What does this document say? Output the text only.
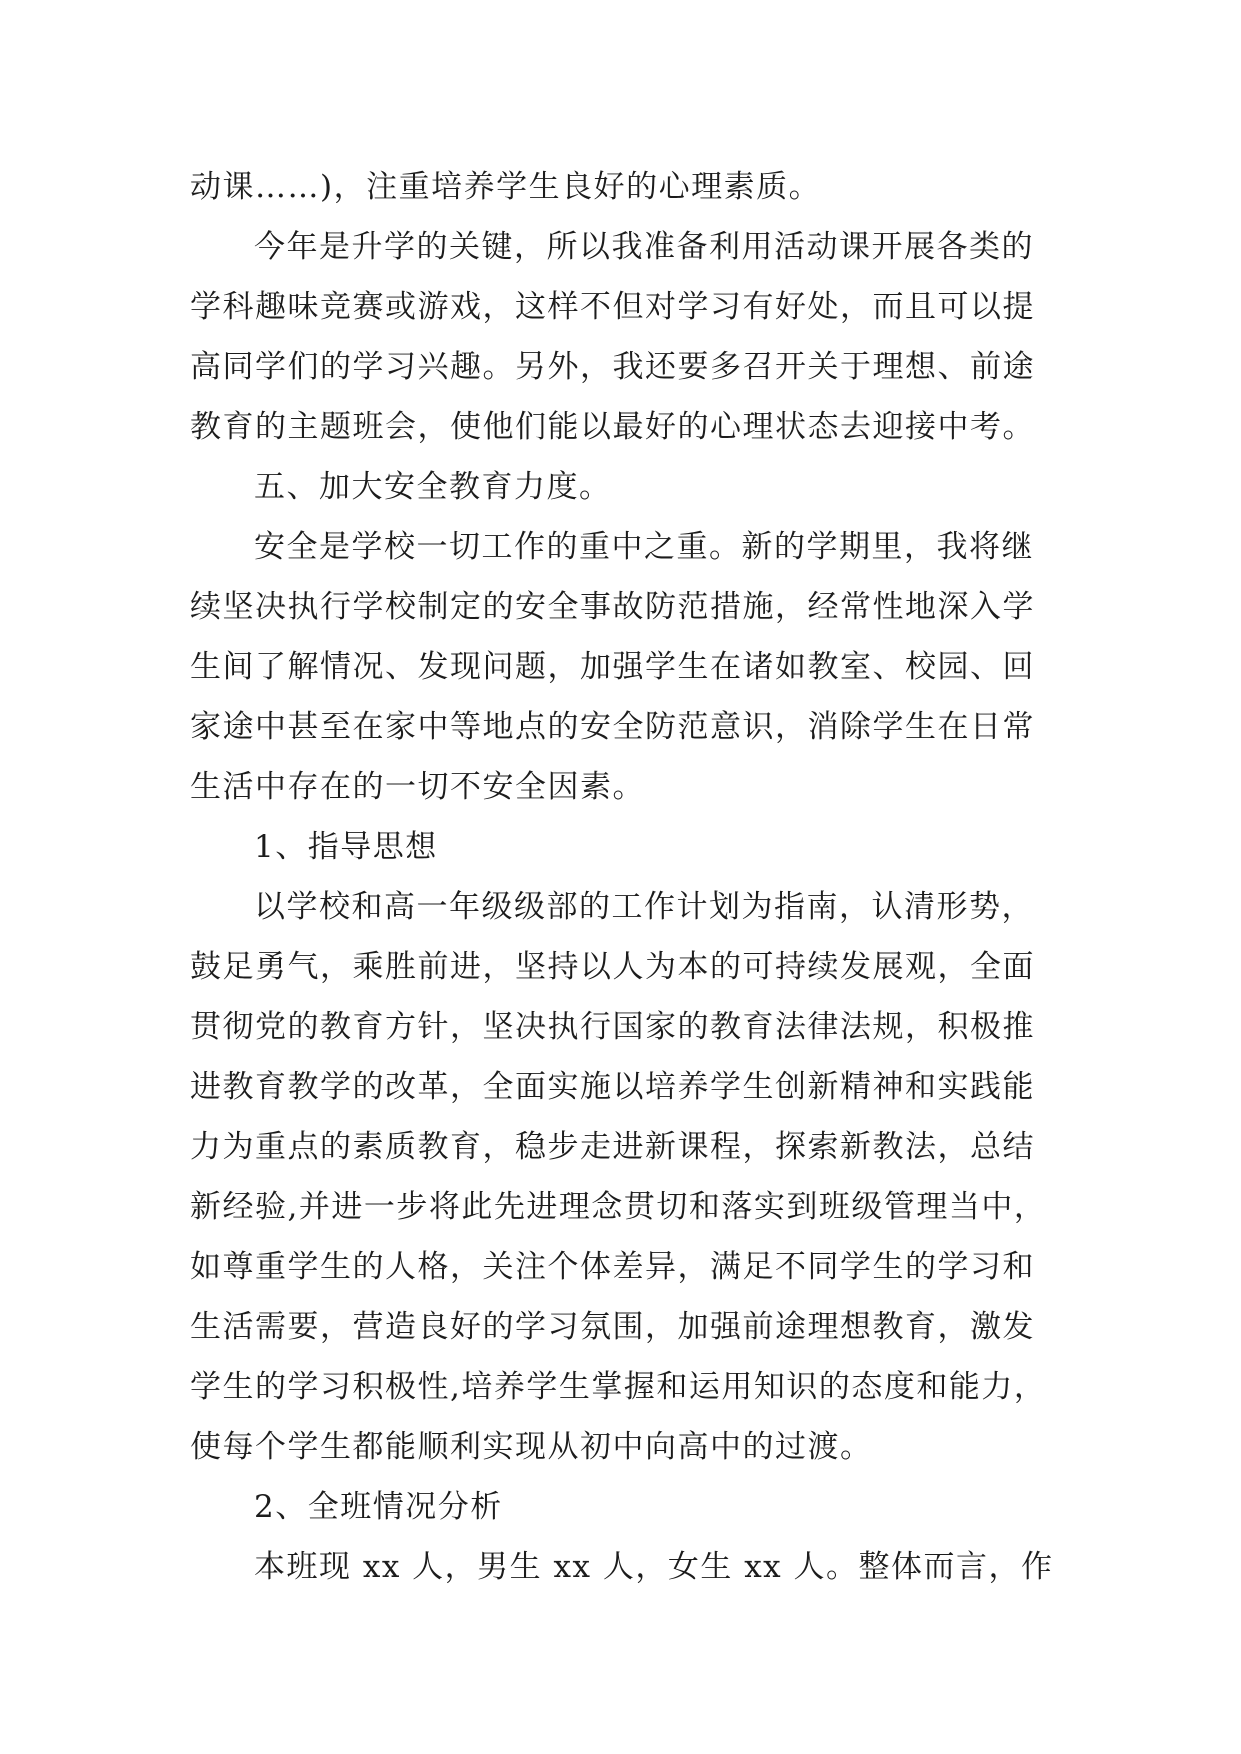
动课……)，注重培养学生良好的心理素质。
今年是升学的关键，所以我准备利用活动课开展各类的
学科趣味竞赛或游戏，这样不但对学习有好处，而且可以提
高同学们的学习兴趣。另外，我还要多召开关于理想、前途
教育的主题班会，使他们能以最好的心理状态去迎接中考。
五、加大安全教育力度。
安全是学校一切工作的重中之重。新的学期里，我将继
续坚决执行学校制定的安全事故防范措施，经常性地深入学
生间了解情况、发现问题，加强学生在诸如教室、校园、回
家途中甚至在家中等地点的安全防范意识，消除学生在日常
生活中存在的一切不安全因素。
1、指导思想
以学校和高一年级级部的工作计划为指南，认清形势，
鼓足勇气，乘胜前进，坚持以人为本的可持续发展观，全面
贯彻党的教育方针，坚决执行国家的教育法律法规，积极推
进教育教学的改革，全面实施以培养学生创新精神和实践能
力为重点的素质教育，稳步走进新课程，探索新教法，总结
新经验,并进一步将此先进理念贯切和落实到班级管理当中，
如尊重学生的人格，关注个体差异，满足不同学生的学习和
生活需要，营造良好的学习氛围，加强前途理想教育，激发
学生的学习积极性,培养学生掌握和运用知识的态度和能力，
使每个学生都能顺利实现从初中向高中的过渡。
2、全班情况分析
本班现 xx 人，男生 xx 人，女生 xx 人。整体而言，作
